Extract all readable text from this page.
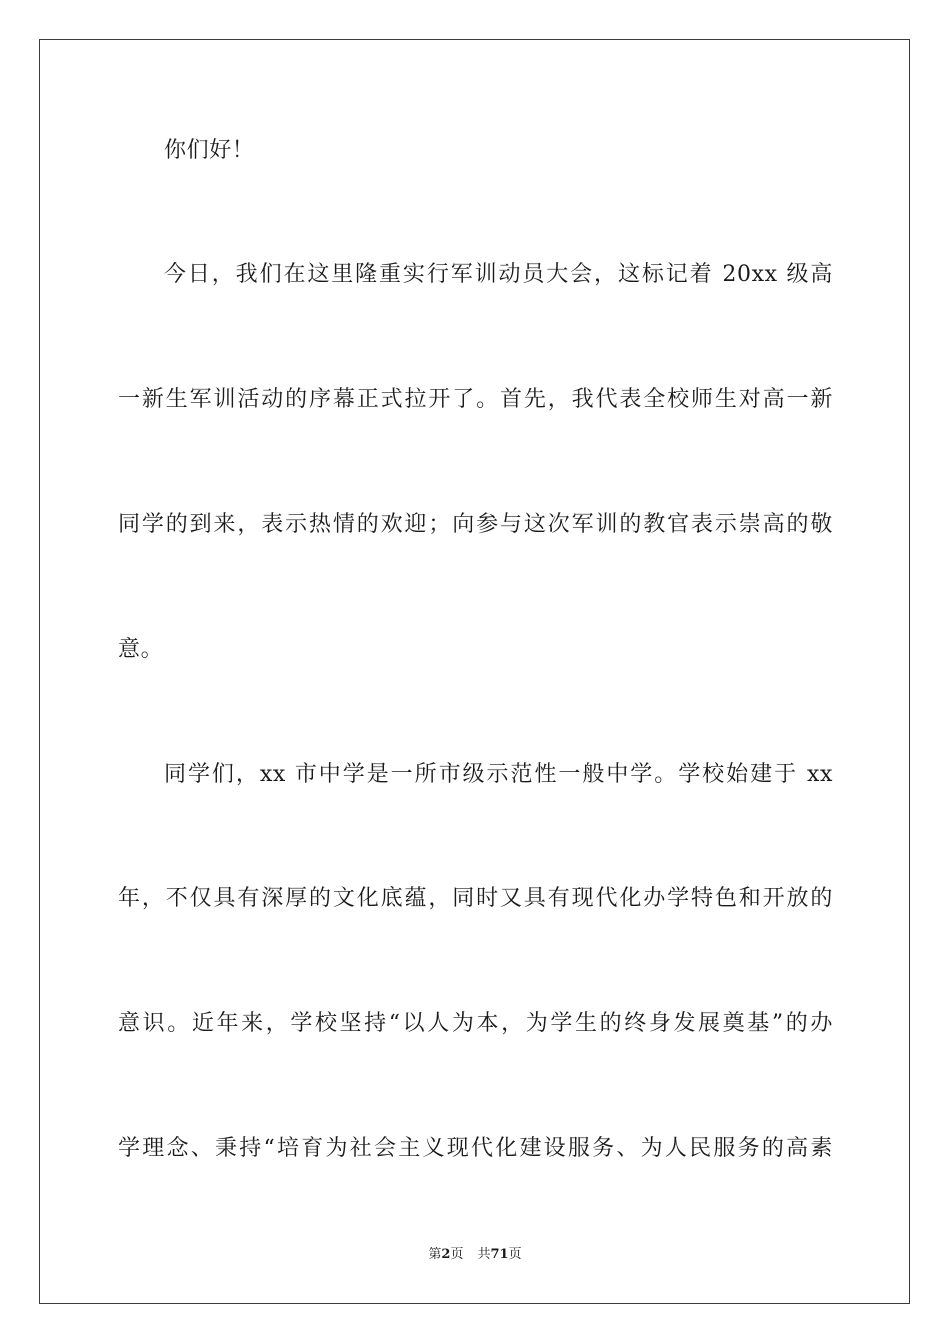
你们好！
今日，我们在这里隆重实行军训动员大会，这标记着 20xx 级高
一新生军训活动的序幕正式拉开了。首先，我代表全校师生对高一新
同学的到来，表示热情的欢迎；向参与这次军训的教官表示崇高的敬
意。
同学们，xx 市中学是一所市级示范性一般中学。学校始建于 xx
年，不仅具有深厚的文化底蕴，同时又具有现代化办学特色和开放的
意识。近年来，学校坚持“以人为本，为学生的终身发展奠基”的办
学理念、秉持“培育为社会主义现代化建设服务、为人民服务的高素
第2页 共71页
